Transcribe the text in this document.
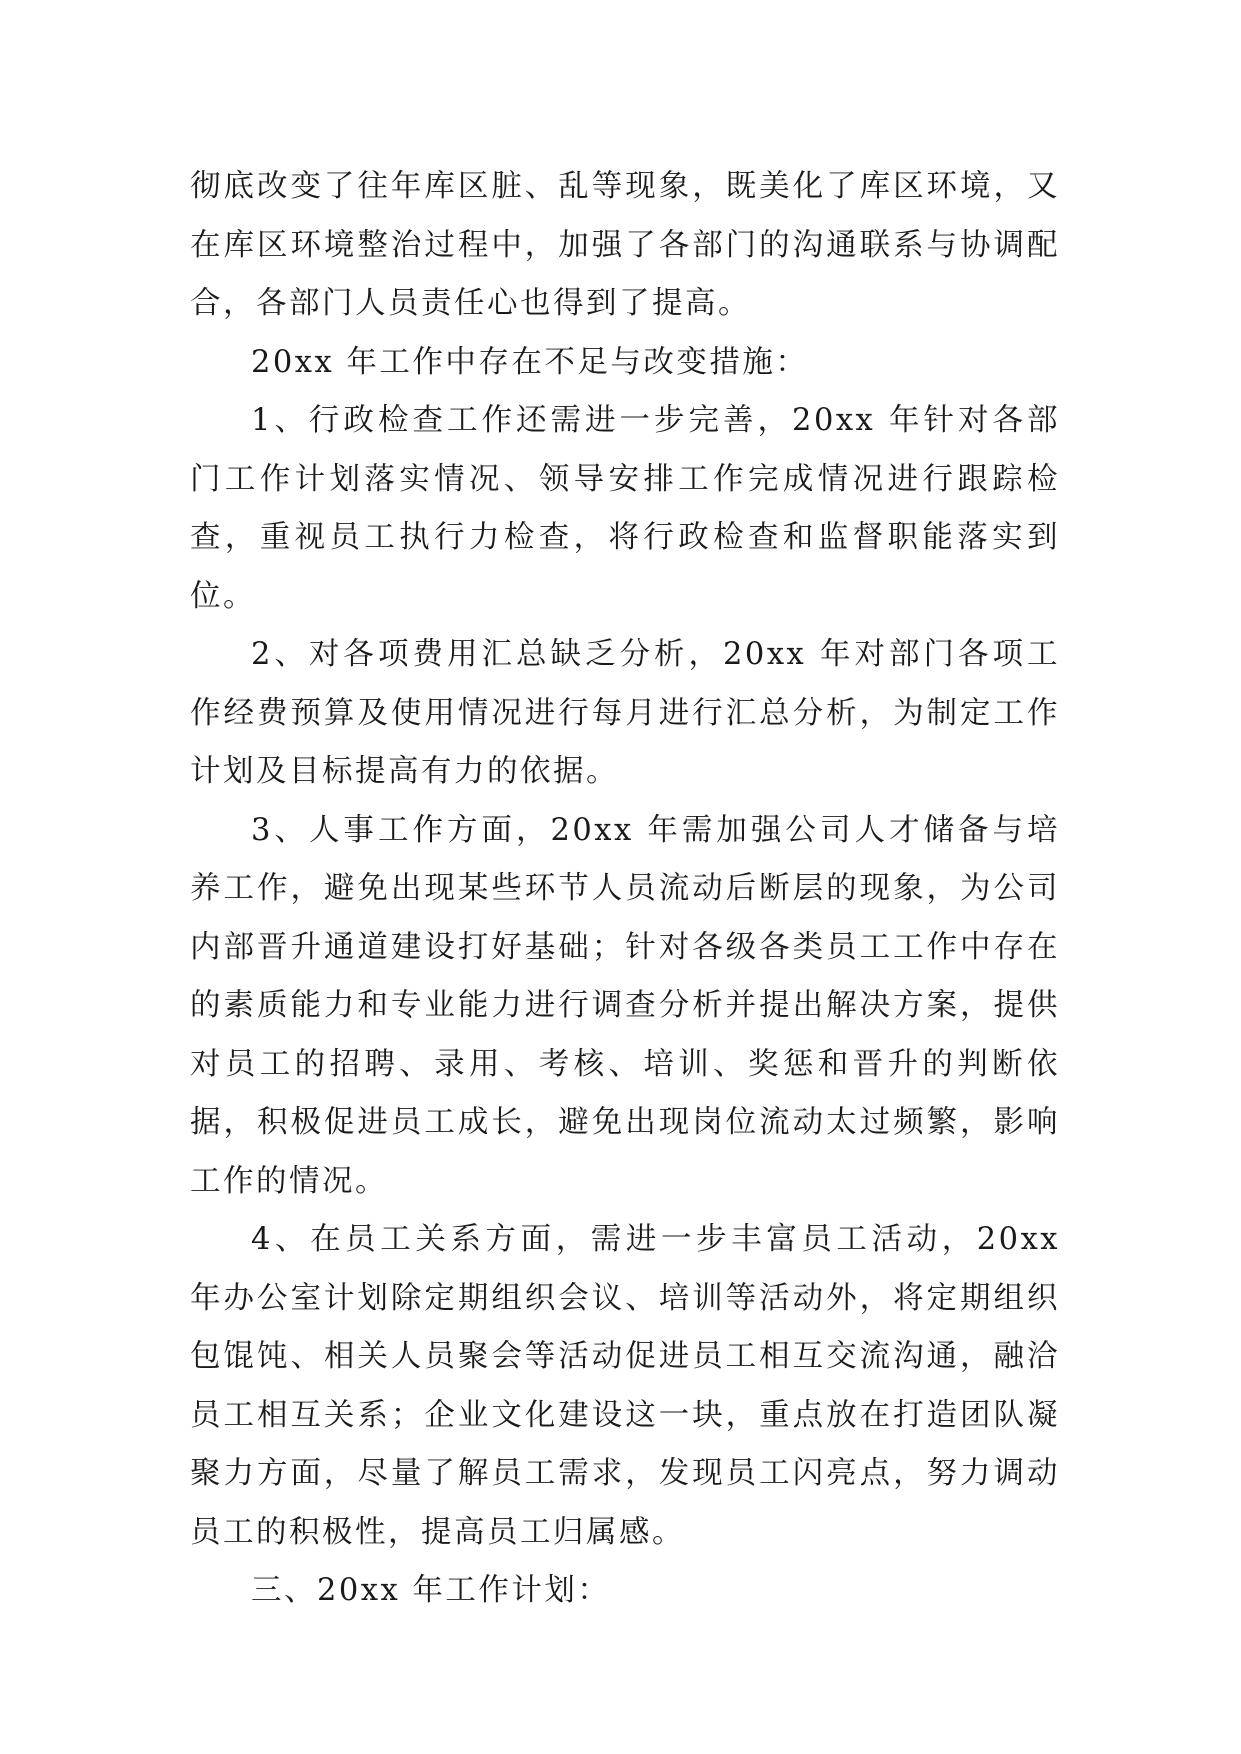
彻底改变了往年库区脏、乱等现象，既美化了库区环境，又在库区环境整治过程中，加强了各部门的沟通联系与协调配合，各部门人员责任心也得到了提高。

20xx 年工作中存在不足与改变措施：

1、行政检查工作还需进一步完善，20xx 年针对各部门工作计划落实情况、领导安排工作完成情况进行跟踪检查，重视员工执行力检查，将行政检查和监督职能落实到位。

2、对各项费用汇总缺乏分析，20xx 年对部门各项工作经费预算及使用情况进行每月进行汇总分析，为制定工作计划及目标提高有力的依据。

3、人事工作方面，20xx 年需加强公司人才储备与培养工作，避免出现某些环节人员流动后断层的现象，为公司内部晋升通道建设打好基础；针对各级各类员工工作中存在的素质能力和专业能力进行调查分析并提出解决方案，提供对员工的招聘、录用、考核、培训、奖惩和晋升的判断依据，积极促进员工成长，避免出现岗位流动太过频繁，影响工作的情况。

4、在员工关系方面，需进一步丰富员工活动，20xx 年办公室计划除定期组织会议、培训等活动外，将定期组织包馄饨、相关人员聚会等活动促进员工相互交流沟通，融洽员工相互关系；企业文化建设这一块，重点放在打造团队凝聚力方面，尽量了解员工需求，发现员工闪亮点，努力调动员工的积极性，提高员工归属感。

三、20xx 年工作计划：
